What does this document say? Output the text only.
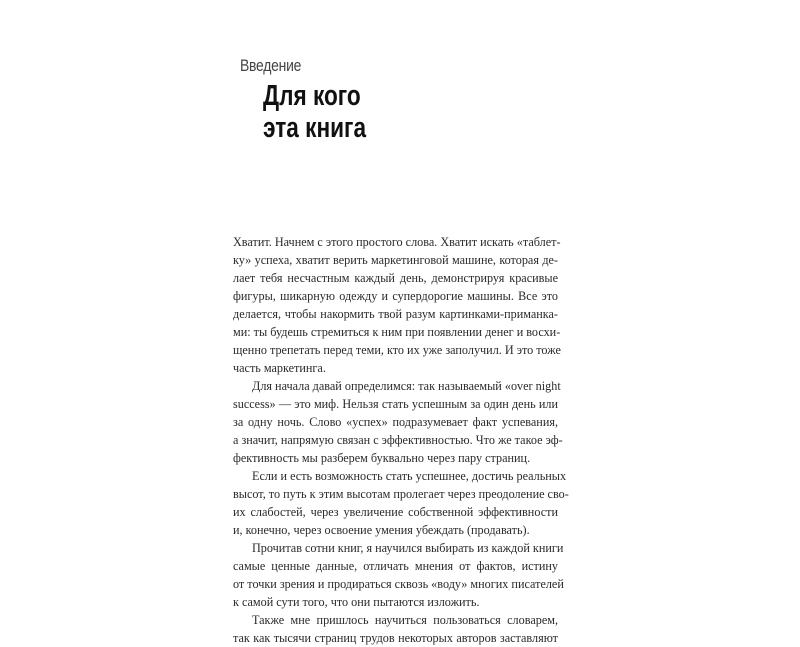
Введение
Для кого
эта книга
Хватит. Начнем с этого простого слова. Хватит искать «таблет-
ку» успеха, хватит верить маркетинговой машине, которая де-
лает тебя несчастным каждый день, демонстрируя красивые
фигуры, шикарную одежду и супердорогие машины. Все это
делается, чтобы накормить твой разум картинками-приманка-
ми: ты будешь стремиться к ним при появлении денег и восхи-
щенно трепетать перед теми, кто их уже заполучил. И это тоже
часть маркетинга.
Для начала давай определимся: так называемый «over night
success» — это миф. Нельзя стать успешным за один день или
за одну ночь. Слово «успех» подразумевает факт успевания,
а значит, напрямую связан с эффективностью. Что же такое эф-
фективность мы разберем буквально через пару страниц.
Если и есть возможность стать успешнее, достичь реальных
высот, то путь к этим высотам пролегает через преодоление сво-
их слабостей, через увеличение собственной эффективности
и, конечно, через освоение умения убеждать (продавать).
Прочитав сотни книг, я научился выбирать из каждой книги
самые ценные данные, отличать мнения от фактов, истину
от точки зрения и продираться сквозь «воду» многих писателей
к самой сути того, что они пытаются изложить.
Также мне пришлось научиться пользоваться словарем,
так как тысячи страниц трудов некоторых авторов заставляют
